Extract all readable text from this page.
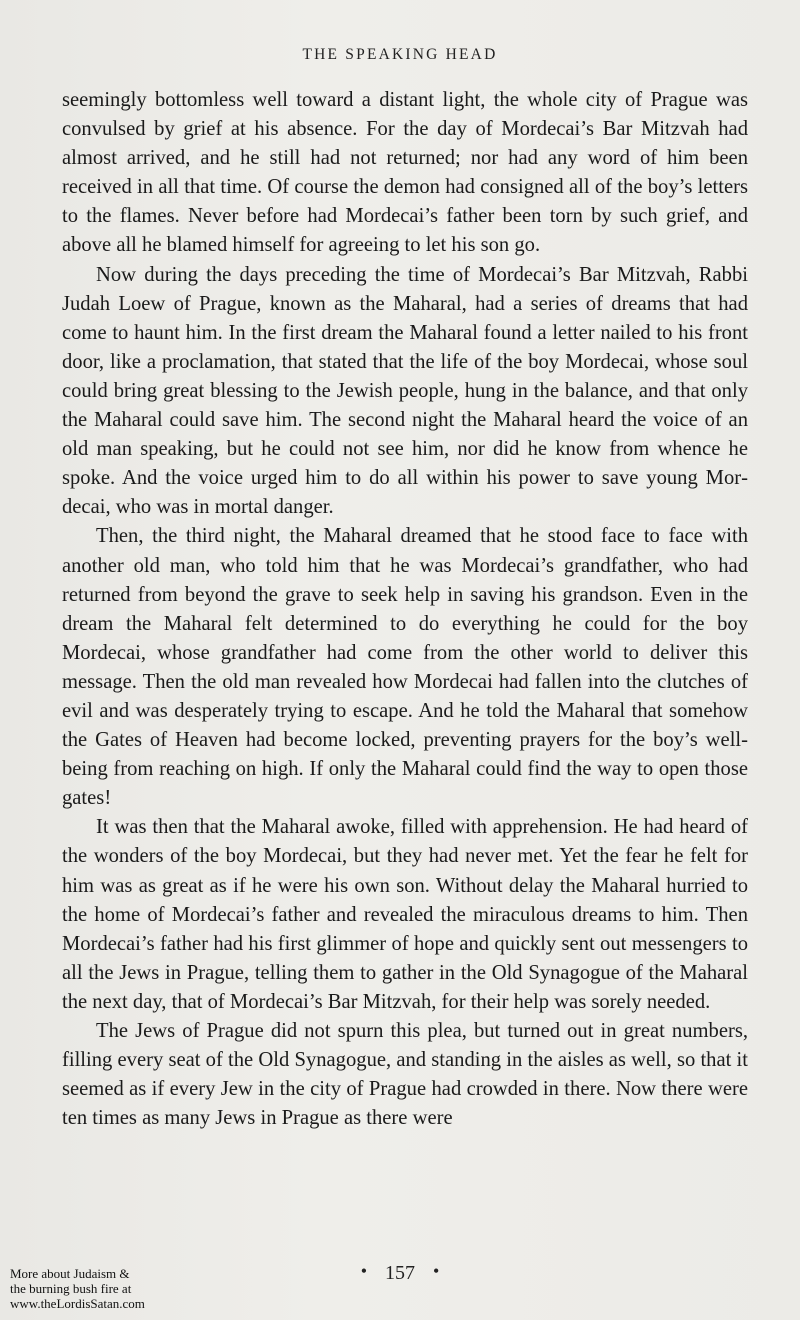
THE SPEAKING HEAD

seemingly bottomless well toward a distant light, the whole city of Prague was convulsed by grief at his absence. For the day of Mordecai’s Bar Mitzvah had almost arrived, and he still had not returned; nor had any word of him been received in all that time. Of course the demon had consigned all of the boy’s letters to the flames. Never before had Mordecai’s father been torn by such grief, and above all he blamed himself for agreeing to let his son go.

Now during the days preceding the time of Mordecai’s Bar Mitzvah, Rabbi Judah Loew of Prague, known as the Maharal, had a series of dreams that had come to haunt him. In the first dream the Maharal found a letter nailed to his front door, like a proclamation, that stated that the life of the boy Mordecai, whose soul could bring great blessing to the Jewish people, hung in the balance, and that only the Maharal could save him. The second night the Maharal heard the voice of an old man speaking, but he could not see him, nor did he know from whence he spoke. And the voice urged him to do all within his power to save young Mordecai, who was in mortal danger.

Then, the third night, the Maharal dreamed that he stood face to face with another old man, who told him that he was Mordecai’s grandfather, who had returned from beyond the grave to seek help in saving his grandson. Even in the dream the Maharal felt determined to do everything he could for the boy Mordecai, whose grandfather had come from the other world to deliver this message. Then the old man revealed how Mordecai had fallen into the clutches of evil and was desperately trying to escape. And he told the Maharal that somehow the Gates of Heaven had become locked, preventing prayers for the boy’s well-being from reaching on high. If only the Maharal could find the way to open those gates!

It was then that the Maharal awoke, filled with apprehension. He had heard of the wonders of the boy Mordecai, but they had never met. Yet the fear he felt for him was as great as if he were his own son. Without delay the Maharal hurried to the home of Mordecai’s father and revealed the miraculous dreams to him. Then Mordecai’s father had his first glimmer of hope and quickly sent out messengers to all the Jews in Prague, telling them to gather in the Old Synagogue of the Maharal the next day, that of Mordecai’s Bar Mitzvah, for their help was sorely needed.

The Jews of Prague did not spurn this plea, but turned out in great numbers, filling every seat of the Old Synagogue, and standing in the aisles as well, so that it seemed as if every Jew in the city of Prague had crowded in there. Now there were ten times as many Jews in Prague as there were

• 157 •
More about Judaism &
the burning bush fire at
www.theLordisSatan.com
